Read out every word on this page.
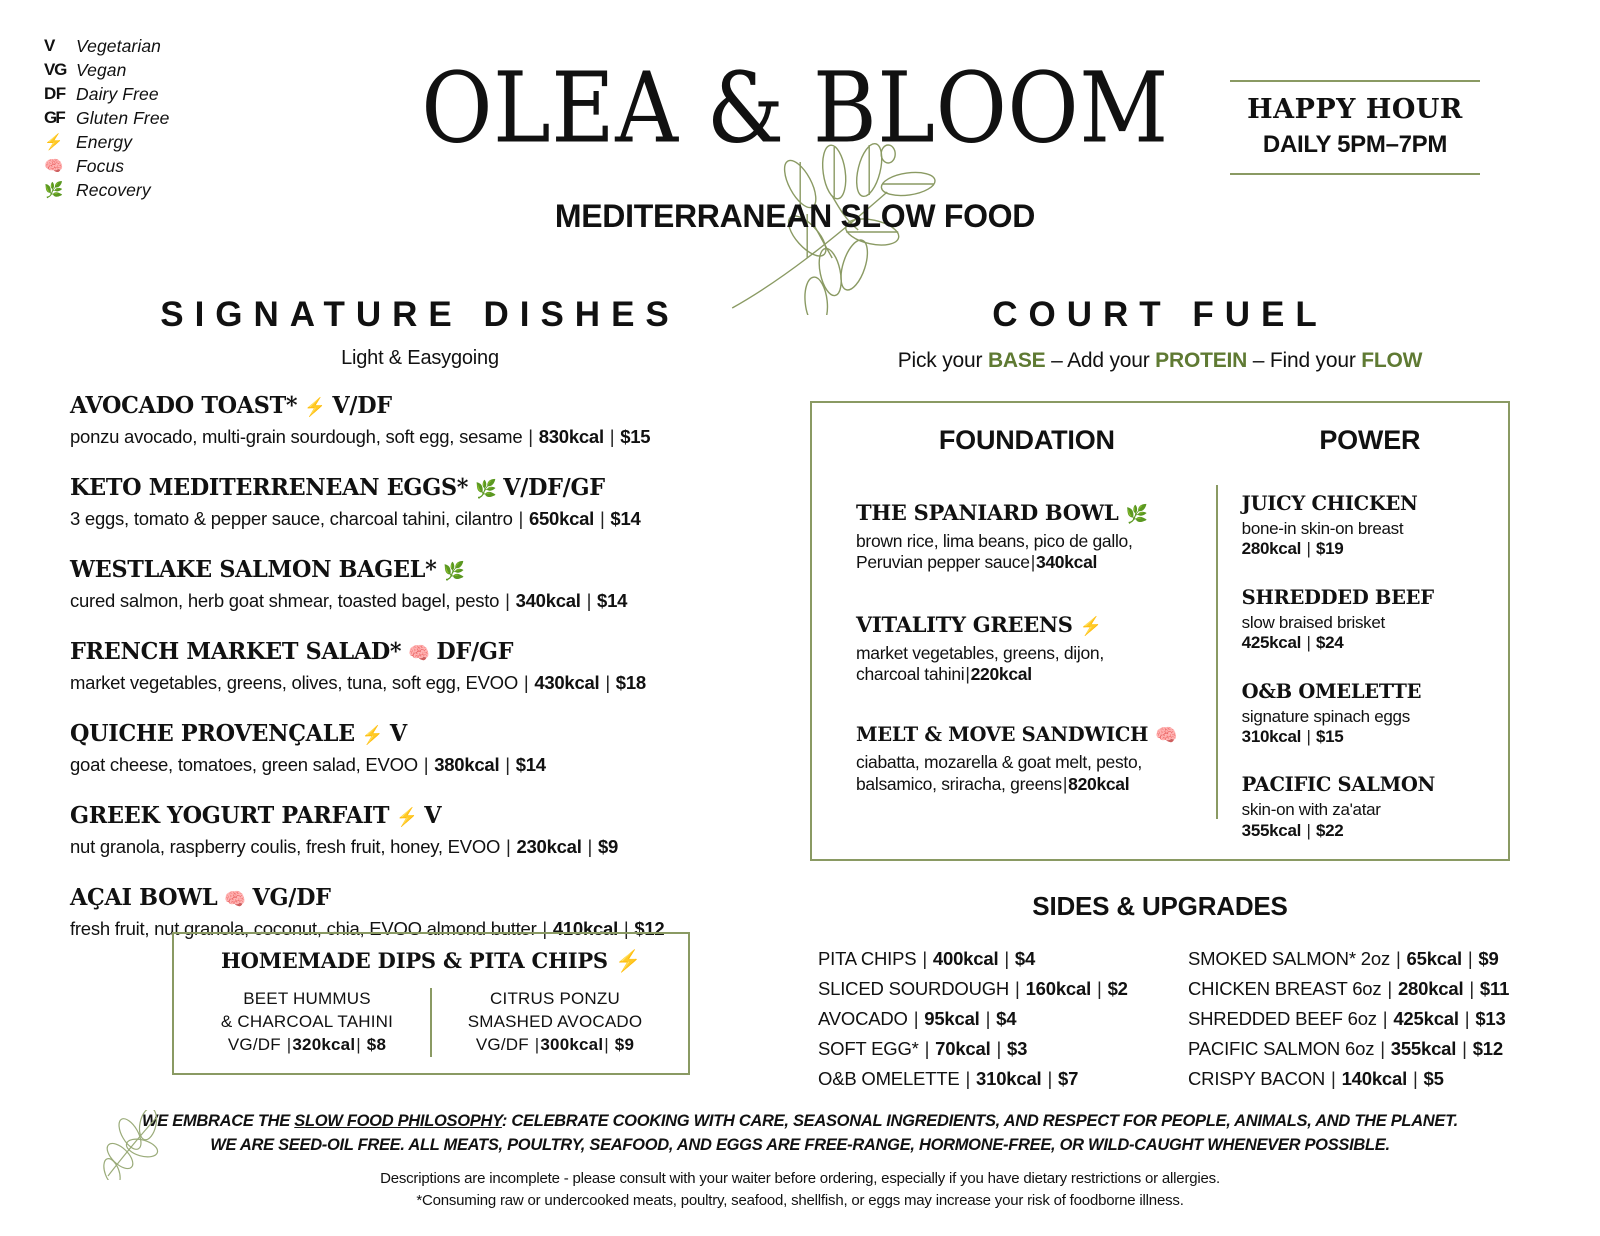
V	Vegetarian
VG Vegan
DF Dairy Free
GF Gluten Free
⚡ Energy
🧠 Focus
🌿 Recovery
OLEA & BLOOM
MEDITERRANEAN SLOW FOOD
HAPPY HOUR
DAILY 5PM–7PM
SIGNATURE DISHES
Light & Easygoing
AVOCADO TOAST* ⚡ V/DF
ponzu avocado, multi-grain sourdough, soft egg, sesame | 830kcal | $15
KETO MEDITERRENEAN EGGS* 🌿 V/DF/GF
3 eggs, tomato & pepper sauce, charcoal tahini, cilantro | 650kcal | $14
WESTLAKE SALMON BAGEL* 🌿
cured salmon, herb goat shmear, toasted bagel, pesto | 340kcal | $14
FRENCH MARKET SALAD* 🧠 DF/GF
market vegetables, greens, olives, tuna, soft egg, EVOO | 430kcal | $18
QUICHE PROVENÇALE ⚡ V
goat cheese, tomatoes, green salad, EVOO | 380kcal | $14
GREEK YOGURT PARFAIT ⚡ V
nut granola, raspberry coulis, fresh fruit, honey, EVOO | 230kcal | $9
AÇAI BOWL 🧠 VG/DF
fresh fruit, nut granola, coconut, chia, EVOO almond butter | 410kcal | $12
HOMEMADE DIPS & PITA CHIPS ⚡
BEET HUMMUS
& CHARCOAL TAHINI
VG/DF |320kcal| $8
CITRUS PONZU
SMASHED AVOCADO
VG/DF |300kcal| $9
COURT FUEL
Pick your BASE – Add your PROTEIN – Find your FLOW
FOUNDATION
THE SPANIARD BOWL 🌿
brown rice, lima beans, pico de gallo,
Peruvian pepper sauce|340kcal
VITALITY GREENS ⚡
market vegetables, greens, dijon,
charcoal tahini|220kcal
MELT & MOVE SANDWICH 🧠
ciabatta, mozarella & goat melt, pesto,
balsamico, sriracha, greens|820kcal
POWER
JUICY CHICKEN
bone-in skin-on breast
280kcal | $19
SHREDDED BEEF
slow braised brisket
425kcal | $24
O&B OMELETTE
signature spinach eggs
310kcal | $15
PACIFIC SALMON
skin-on with za'atar
355kcal | $22
SIDES & UPGRADES
PITA CHIPS | 400kcal | $4
SLICED SOURDOUGH | 160kcal | $2
AVOCADO | 95kcal | $4
SOFT EGG* | 70kcal | $3
O&B OMELETTE | 310kcal | $7
SMOKED SALMON* 2oz | 65kcal | $9
CHICKEN BREAST 6oz | 280kcal | $11
SHREDDED BEEF 6oz | 425kcal | $13
PACIFIC SALMON 6oz | 355kcal | $12
CRISPY BACON | 140kcal | $5
WE EMBRACE THE SLOW FOOD PHILOSOPHY: CELEBRATE COOKING WITH CARE, SEASONAL INGREDIENTS, AND RESPECT FOR PEOPLE, ANIMALS, AND THE PLANET.
WE ARE SEED-OIL FREE. ALL MEATS, POULTRY, SEAFOOD, AND EGGS ARE FREE-RANGE, HORMONE-FREE, OR WILD-CAUGHT WHENEVER POSSIBLE.
Descriptions are incomplete - please consult with your waiter before ordering, especially if you have dietary restrictions or allergies.
*Consuming raw or undercooked meats, poultry, seafood, shellfish, or eggs may increase your risk of foodborne illness.
